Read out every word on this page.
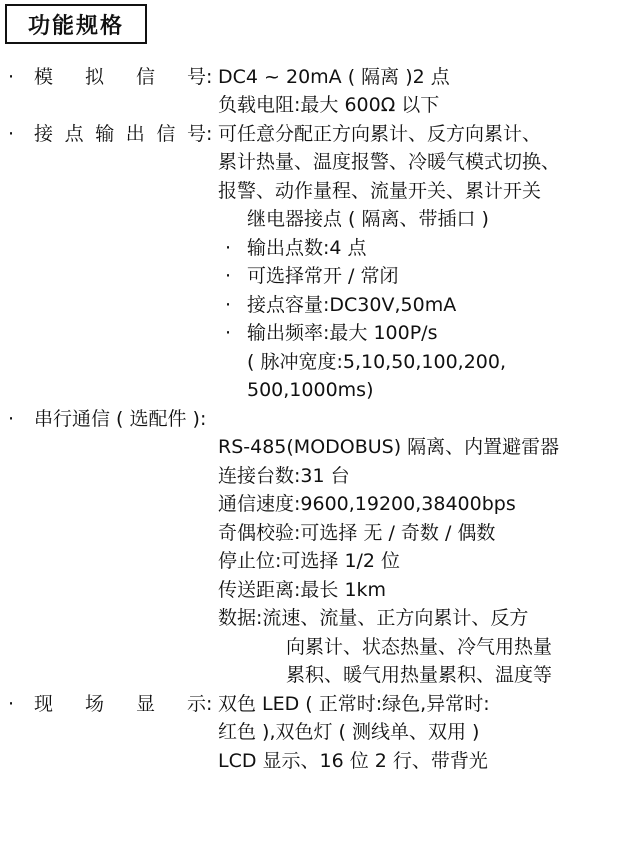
功能规格
· 模 拟 信 号 : DC4 ~ 20mA ( 隔离 )2 点
负载电阻:最大 600Ω 以下
· 接点输出信号 : 可任意分配正方向累计、反方向累计、
累计热量、温度报警、冷暖气模式切换、
报警、动作量程、流量开关、累计开关
继电器接点 ( 隔离、带插口 )
· 输出点数:4 点
· 可选择常开 / 常闭
· 接点容量:DC30V,50mA
· 输出频率:最大 100P/s
( 脉冲宽度:5,10,50,100,200,
500,1000ms)
· 串行通信 ( 选配件 ):
RS-485(MODOBUS) 隔离、内置避雷器
连接台数:31 台
通信速度:9600,19200,38400bps
奇偶校验:可选择 无 / 奇数 / 偶数
停止位:可选择 1/2 位
传送距离:最长 1km
数据:流速、流量、正方向累计、反方
向累计、状态热量、冷气用热量
累积、暖气用热量累积、温度等
· 现 场 显 示 : 双色 LED ( 正常时:绿色,异常时:
红色 ),双色灯 ( 测线单、双用 )
LCD 显示、16 位 2 行、带背光
